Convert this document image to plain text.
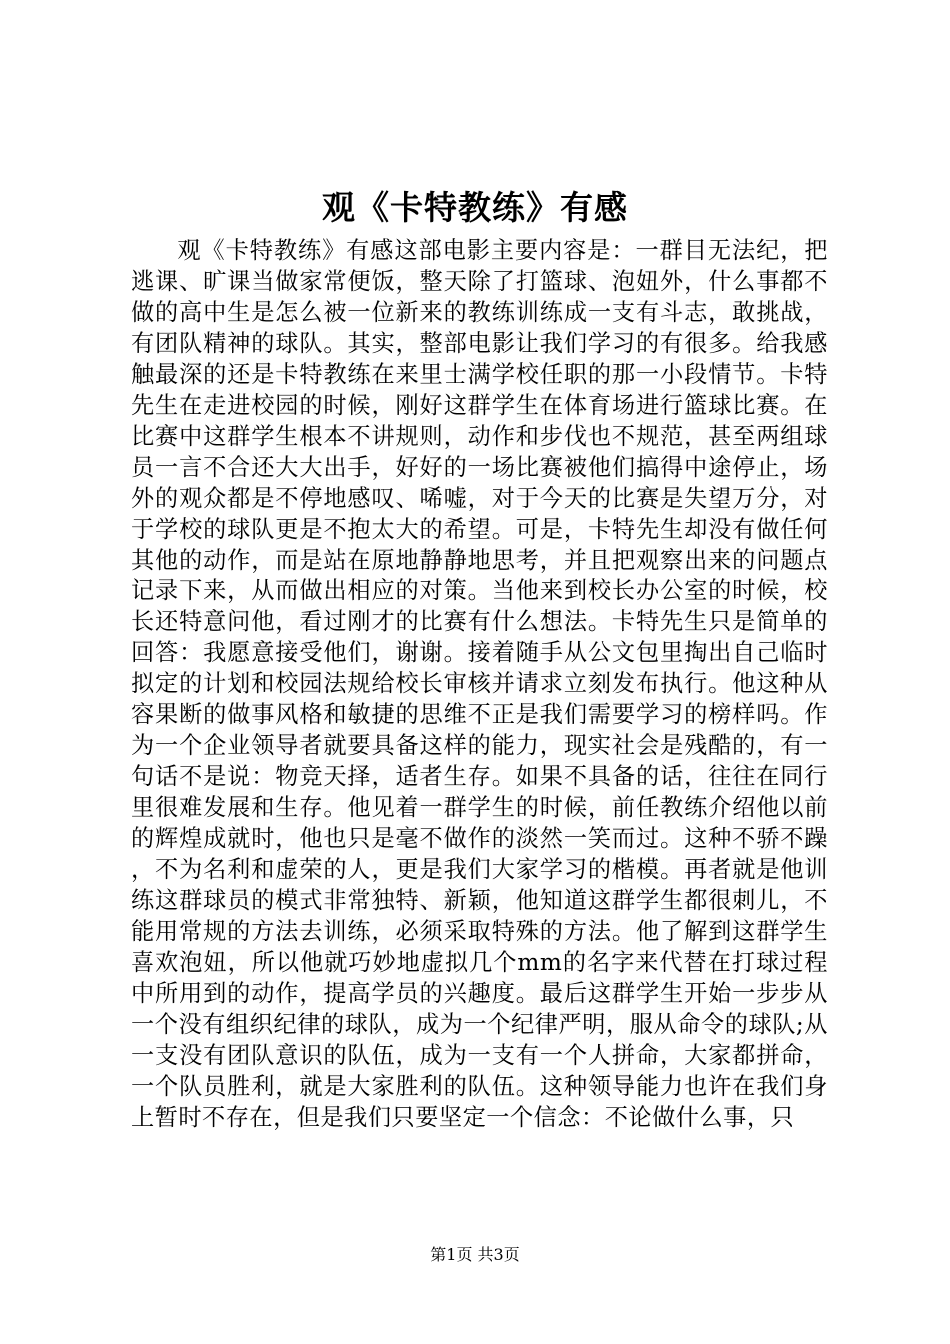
观《卡特教练》有感

观《卡特教练》有感这部电影主要内容是：一群目无法纪，把逃课、旷课当做家常便饭，整天除了打篮球、泡妞外，什么事都不做的高中生是怎么被一位新来的教练训练成一支有斗志，敢挑战，有团队精神的球队。其实，整部电影让我们学习的有很多。给我感触最深的还是卡特教练在来里士满学校任职的那一小段情节。卡特先生在走进校园的时候，刚好这群学生在体育场进行篮球比赛。在比赛中这群学生根本不讲规则，动作和步伐也不规范，甚至两组球员一言不合还大大出手，好好的一场比赛被他们搞得中途停止，场外的观众都是不停地感叹、唏嘘，对于今天的比赛是失望万分，对于学校的球队更是不抱太大的希望。可是，卡特先生却没有做任何其他的动作，而是站在原地静静地思考，并且把观察出来的问题点记录下来，从而做出相应的对策。当他来到校长办公室的时候，校长还特意问他，看过刚才的比赛有什么想法。卡特先生只是简单的回答：我愿意接受他们，谢谢。接着随手从公文包里掏出自己临时拟定的计划和校园法规给校长审核并请求立刻发布执行。他这种从容果断的做事风格和敏捷的思维不正是我们需要学习的榜样吗。作为一个企业领导者就要具备这样的能力，现实社会是残酷的，有一句话不是说：物竞天择，适者生存。如果不具备的话，往往在同行里很难发展和生存。他见着一群学生的时候，前任教练介绍他以前的辉煌成就时，他也只是毫不做作的淡然一笑而过。这种不骄不躁，不为名利和虚荣的人，更是我们大家学习的楷模。再者就是他训练这群球员的模式非常独特、新颖，他知道这群学生都很刺儿，不能用常规的方法去训练，必须采取特殊的方法。他了解到这群学生喜欢泡妞，所以他就巧妙地虚拟几个mm的名字来代替在打球过程中所用到的动作，提高学员的兴趣度。最后这群学生开始一步步从一个没有组织纪律的球队，成为一个纪律严明，服从命令的球队;从一支没有团队意识的队伍，成为一支有一个人拼命，大家都拼命，一个队员胜利，就是大家胜利的队伍。这种领导能力也许在我们身上暂时不存在，但是我们只要坚定一个信念：不论做什么事，只

第1页 共3页
